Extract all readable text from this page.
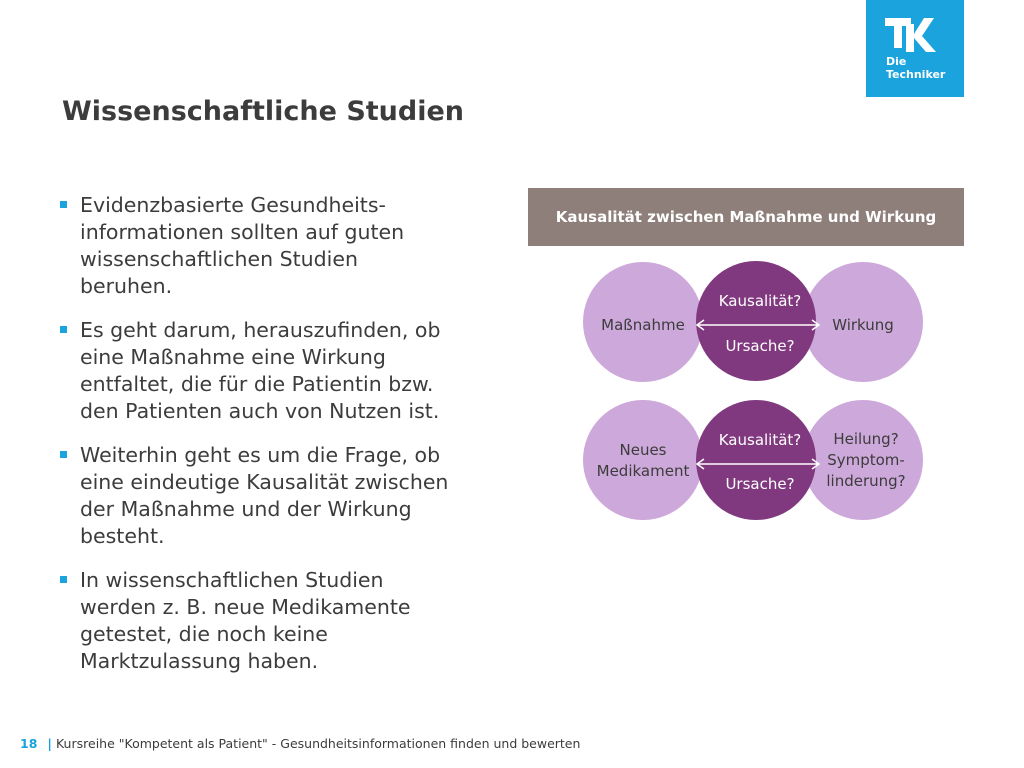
Die
Techniker
Wissenschaftliche Studien
Evidenzbasierte Gesundheits-
informationen sollten auf guten
wissenschaftlichen Studien
beruhen.
Es geht darum, herauszufinden, ob
eine Maßnahme eine Wirkung
entfaltet, die für die Patientin bzw.
den Patienten auch von Nutzen ist.
Weiterhin geht es um die Frage, ob
eine eindeutige Kausalität zwischen
der Maßnahme und der Wirkung
besteht.
In wissenschaftlichen Studien
werden z. B. neue Medikamente
getestet, die noch keine
Marktzulassung haben.
Kausalität zwischen Maßnahme und Wirkung
Maßnahme	Wirkung
Kausalität?
Ursache?
Neues
Medikament
Heilung?
Symptom-
linderung?
Kausalität?
Ursache?
18 | Kursreihe "Kompetent als Patient" - Gesundheitsinformationen finden und bewerten
